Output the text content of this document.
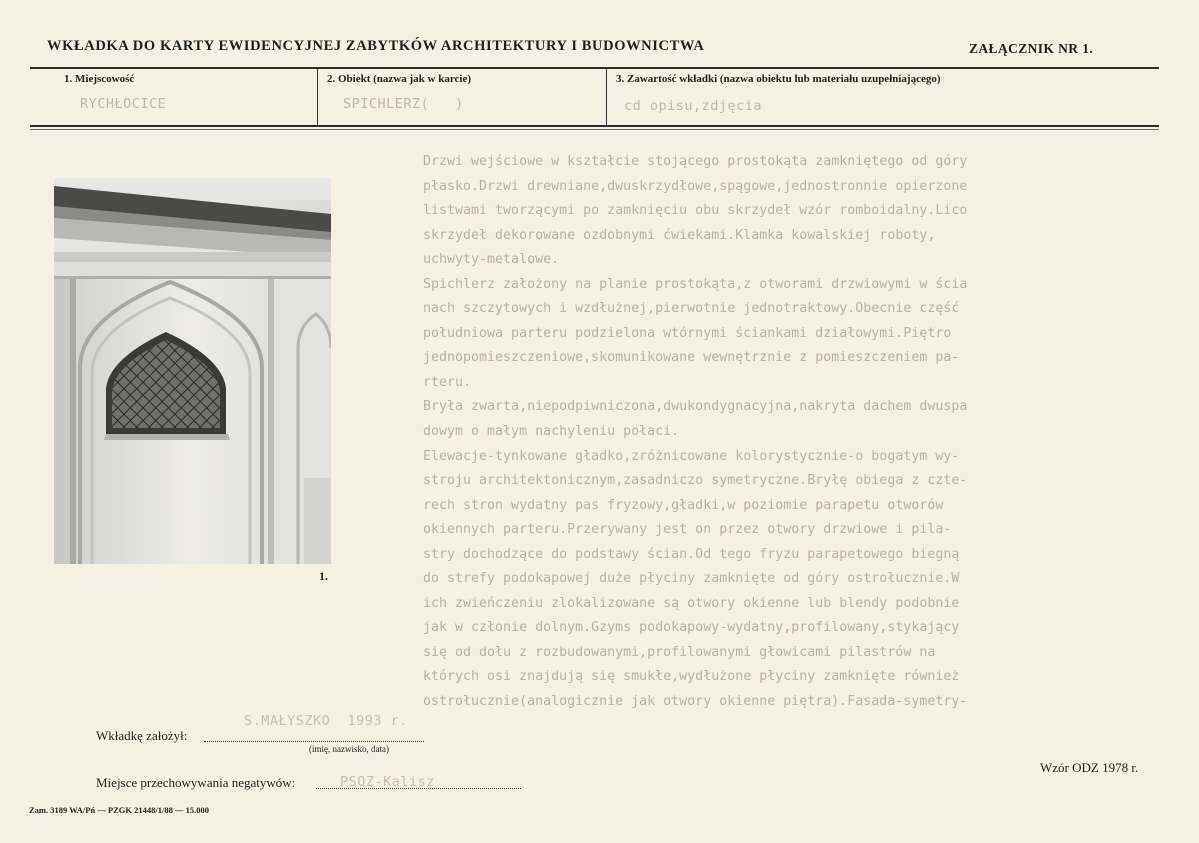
WKŁADKA DO KARTY EWIDENCYJNEJ ZABYTKÓW ARCHITEKTURY I BUDOWNICTWA	ZAŁĄCZNIK NR 1.
1. Miejscowość	2. Obiekt (nazwa jak w karcie)	3. Zawartość wkładki (nazwa obiektu lub materiału uzupełniającego)
RYCHŁOCICE	SPICHLERZ(   )	cd opisu,zdjęcia
1.
Drzwi wejściowe w kształcie stojącego prostokąta zamkniętego od góry
płasko.Drzwi drewniane,dwuskrzydłowe,spągowe,jednostronnie opierzone
listwami tworzącymi po zamknięciu obu skrzydeł wzór romboidalny.Lico
skrzydeł dekorowane ozdobnymi ćwiekami.Klamka kowalskiej roboty,
uchwyty-metalowe.
Spichlerz założony na planie prostokąta,z otworami drzwiowymi w ścia
nach szczytowych i wzdłużnej,pierwotnie jednotraktowy.Obecnie część
południowa parteru podzielona wtórnymi ściankami działowymi.Piętro
jednopomieszczeniowe,skomunikowane wewnętrznie z pomieszczeniem pa-
rteru.
Bryła zwarta,niepodpiwniczona,dwukondygnacyjna,nakryta dachem dwuspa
dowym o małym nachyleniu połaci.
Elewacje-tynkowane gładko,zróżnicowane kolorystycznie-o bogatym wy-
stroju architektonicznym,zasadniczo symetryczne.Bryłę obiega z czte-
rech stron wydatny pas fryzowy,gładki,w poziomie parapetu otworów
okiennych parteru.Przerywany jest on przez otwory drzwiowe i pila-
stry dochodzące do podstawy ścian.Od tego fryzu parapetowego biegną
do strefy podokapowej duże płyciny zamknięte od góry ostrołucznie.W
ich zwieńczeniu zlokalizowane są otwory okienne lub blendy podobnie
jak w członie dolnym.Gzyms podokapowy-wydatny,profilowany,stykający
się od dołu z rozbudowanymi,profilowanymi głowicami pilastrów na
których osi znajdują się smukłe,wydłużone płyciny zamknięte również
ostrołucznie(analogicznie jak otwory okienne piętra).Fasada-symetry-
Wkładkę założył:
S.MAŁYSZKO  1993 r.
(imię, nazwisko, data)
Miejsce przechowywania negatywów:	PSOZ-Kalisz
Wzór ODZ 1978 r.
Zam. 3189 WA/Pń — PZGK 21448/1/88 — 15.000
